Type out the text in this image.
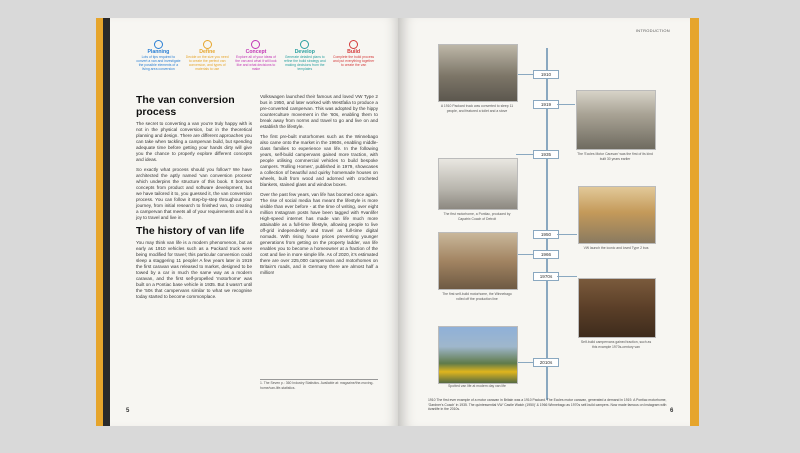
Planning
Lots of tips required to convert a van and investigate the possible elements of a living area conversion
Define
Decide on the size you need to create the perfect van conversion, and types of materials to use
Concept
Explore all of your ideas of the van and what it will look like and what decisions to make
Develop
Generate detailed plans to refine the build strategy and making decisions from the templates
Build
Complete the build process and put everything together to create the van
The van conversion process
The secret to converting a van you're truly happy with is not in the physical conversion, but in the theoretical planning and design. There are different approaches you can take when tackling a campervan build, but spending adequate time before getting your hands dirty will give you the chance to properly explore different concepts and ideas.
So exactly what process should you follow? We have architected the aptly named 'van conversion process' which underpins the structure of this book. It borrows concepts from product and software development, but we have tailored it to, you guessed it, the van conversion process. You can follow it step-by-step throughout your journey, from initial research to finished van, to creating a campervan that meets all of your requirements and is a joy to travel and live in.
The history of van life
You may think van life is a modern phenomenon, but as early as 1910 vehicles such as a Packard truck were being modified for travel; this particular conversion could sleep a staggering 11 people! A few years later in 1919 the first caravan was released to market, designed to be towed by a car in much the same way as a modern caravan, and the first self-propelled 'motorhome' was built on a Pontiac base vehicle in 1935. But it wasn't until the '50s that campervans similar to what we recognise today started to become commonplace.
Volkswagen launched their famous and loved VW Type 2 bus in 1950, and later worked with Westfalia to produce a pre-converted campervan. This was adopted by the hippy counterculture movement in the '60s, enabling them to break away from norms and travel to go and live on and establish the lifestyle.
The first pre-built motorhomes such as the Winnebago also came onto the market in the 1960s, enabling middle-class families to experience van life. In the following years, self-build campervans gained more traction, with people utilising commercial vehicles to build bespoke campers. 'Rolling Homes', published in 1979, showcases a collection of beautiful and quirky homemade houses on wheels, built from wood and adorned with crocheted blankets, stained glass and window boxes.
Over the past few years, van life has boomed once again. The rise of social media has meant the lifestyle is more visible than ever before - at the time of writing, over eight million Instagram posts have been tagged with #vanlife! High-speed internet has made van life much more attainable as a full-time lifestyle, allowing people to live off-grid independently and travel as full-time digital nomads. With rising house prices preventing younger generations from getting on the property ladder, van life enables you to become a homeowner at a fraction of the cost and live in more simple life. As of 2020, it's estimated there are over 225,000 campervans and motorhomes on Britain's roads, and in Germany there are almost half a million!
1. The Seven p.: 360 Industry Statistics. Available at: magazine/the-moving-home/van-life-statistics.
5
INTRODUCTION
1910
1919
1935
1950
1966
1970s
2010s
A 1910 Packard truck was converted to sleep 11 people, and featured a toilet and a stove
The 'Eccles Motor Caravan' was the first of its kind built 30 years earlier
The first motorhome, a Pontiac, produced by Capatrix Coach of Detroit
VW launch the iconic and loved Type 2 bus
The first self-build motorhome, the Winnebago rolled off the production line
Self-build campervans gained traction, such as this example 1970s-century van
Spotted van life at modern day van life
1910 The first ever example of a motor caravan in Britain was a 1910 Packard. The Eccles motor caravan, generated a demand in 1919. A Pontiac motorhome, 'Gardner's Coach' in 1935. The quintessential VW 'Castle Watch (1950)' & 1966 Winnebago as 1970s self-build campers. Now made famous on Instagram with #vanlife in the 2010s.	6
